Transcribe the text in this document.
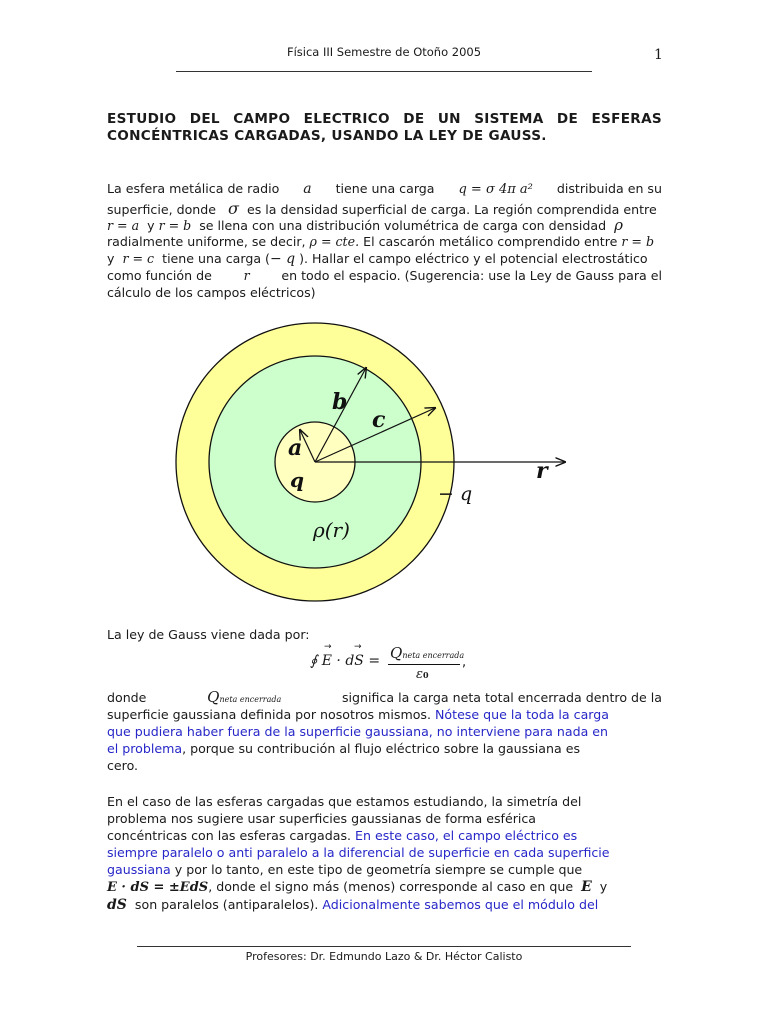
Física III Semestre de Otoño 2005	1
ESTUDIO DEL CAMPO ELECTRICO DE UN SISTEMA DE ESFERAS CONCÉNTRICAS CARGADAS, USANDO LA LEY DE GAUSS.
La esfera metálica de radio a tiene una carga q = σ 4π a² distribuida en su
superficie, donde σ es la densidad superficial de carga. La región comprendida entre
r = a y r = b se llena con una distribución volumétrica de carga con densidad ρ
radialmente uniforme, se decir, ρ = cte. El cascarón metálico comprendido entre r = b
y r = c tiene una carga (− q ). Hallar el campo eléctrico y el potencial electrostático
como función de	r	en todo el espacio. (Sugerencia: use la Ley de Gauss para el
cálculo de los campos eléctricos)
a
q
b
c
r
− q
ρ(r)
La ley de Gauss viene dada por:
∮ E · dS =
→ → Qneta encerrada
ε0
,
donde	Qneta encerrada	significa la carga neta total encerrada dentro de la
superficie gaussiana definida por nosotros mismos. Nótese que la toda la carga
que pudiera haber fuera de la superficie gaussiana, no interviene para nada en
el problema, porque su contribución al flujo eléctrico sobre la gaussiana es
cero.
En el caso de las esferas cargadas que estamos estudiando, la simetría del
problema nos sugiere usar superficies gaussianas de forma esférica
concéntricas con las esferas cargadas. En este caso, el campo eléctrico es
siempre paralelo o anti paralelo a la diferencial de superficie en cada superficie
gaussiana y por lo tanto, en este tipo de geometría siempre se cumple que
E · dS = ±EdS, donde el signo más (menos) corresponde al caso en que E y
dS son paralelos (antiparalelos). Adicionalmente sabemos que el módulo del
Profesores: Dr. Edmundo Lazo & Dr. Héctor Calisto
